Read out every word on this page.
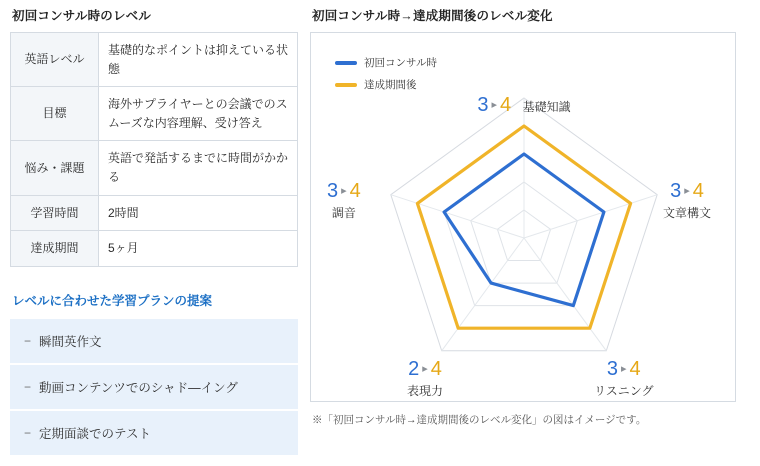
初回コンサル時のレベル
英語レベル	基礎的なポイントは抑えている状態
目標	海外サプライヤーとの会議でのスムーズな内容理解、受け答え
悩み・課題	英語で発話するまでに時間がかかる
学習時間	2時間
達成期間	5ヶ月
レベルに合わせた学習プランの提案
− 瞬間英作文
− 動画コンテンツでのシャド―イング
− 定期面談でのテスト
初回コンサル時→達成期間後のレベル変化
初回コンサル時
達成期間後
3 ▸ 4 基礎知識
3 ▸ 4
文章構文
3 ▸ 4
リスニング
2 ▸ 4
表現力
3 ▸ 4
調音
※「初回コンサル時→達成期間後のレベル変化」の図はイメージです。
